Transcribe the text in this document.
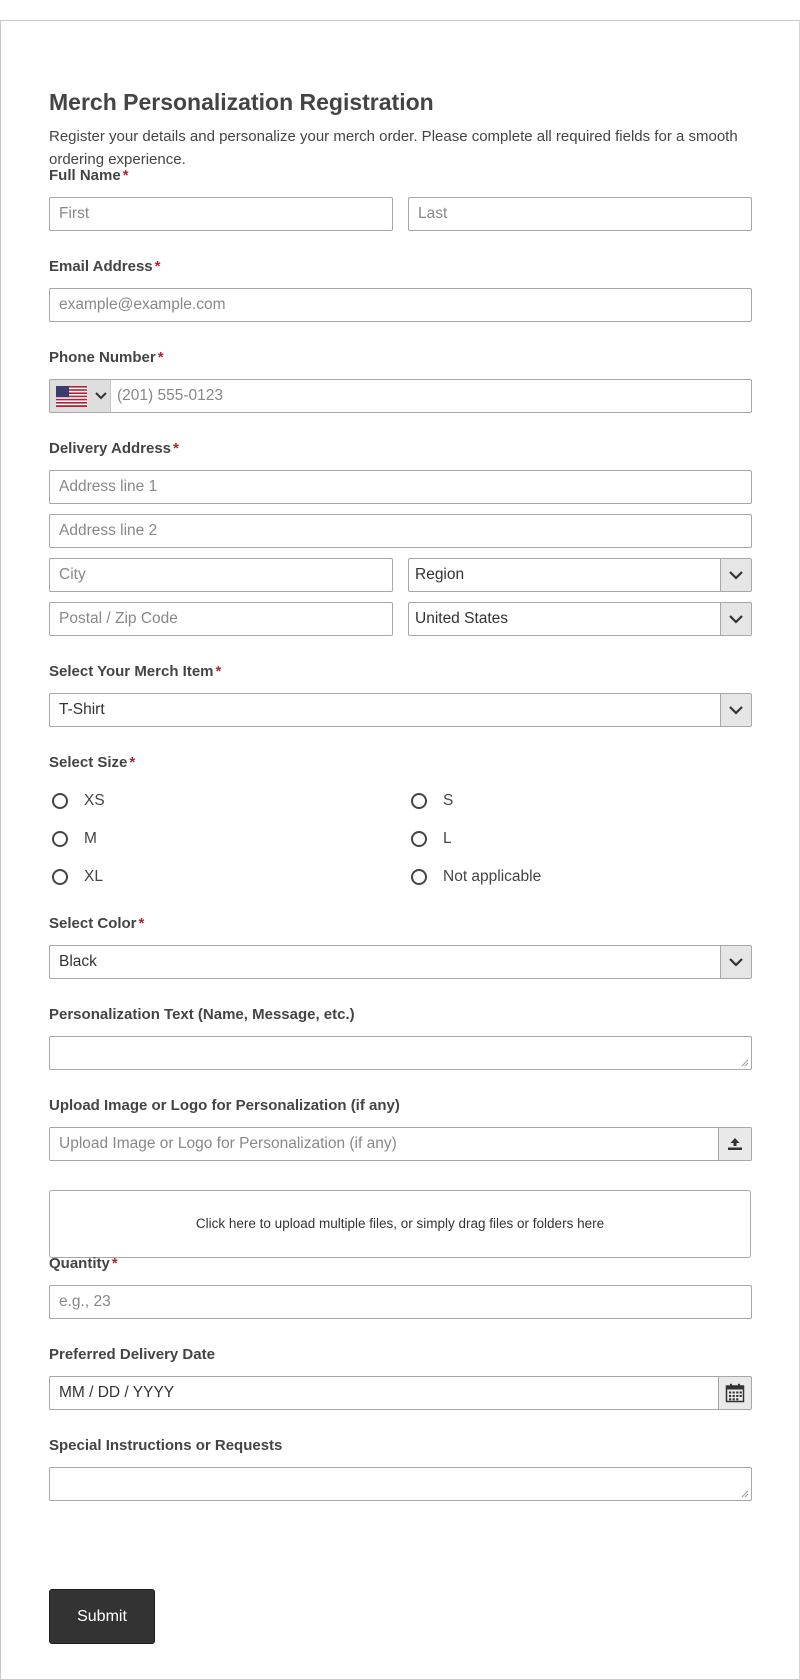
Merch Personalization Registration

Register your details and personalize your merch order. Please complete all required fields for a smooth ordering experience.

Full Name *
First	Last
Email Address *
example@example.com
Phone Number *
(201) 555-0123
Delivery Address *
Address line 1
Address line 2
City	Region
Postal / Zip Code	United States
Select Your Merch Item *
T-Shirt
Select Size *
XS	S
M	L
XL	Not applicable
Select Color *
Black
Personalization Text (Name, Message, etc.)
Upload Image or Logo for Personalization (if any)
Upload Image or Logo for Personalization (if any)
Click here to upload multiple files, or simply drag files or folders here
Quantity *
e.g., 23
Preferred Delivery Date
MM / DD / YYYY
Special Instructions or Requests
Submit
